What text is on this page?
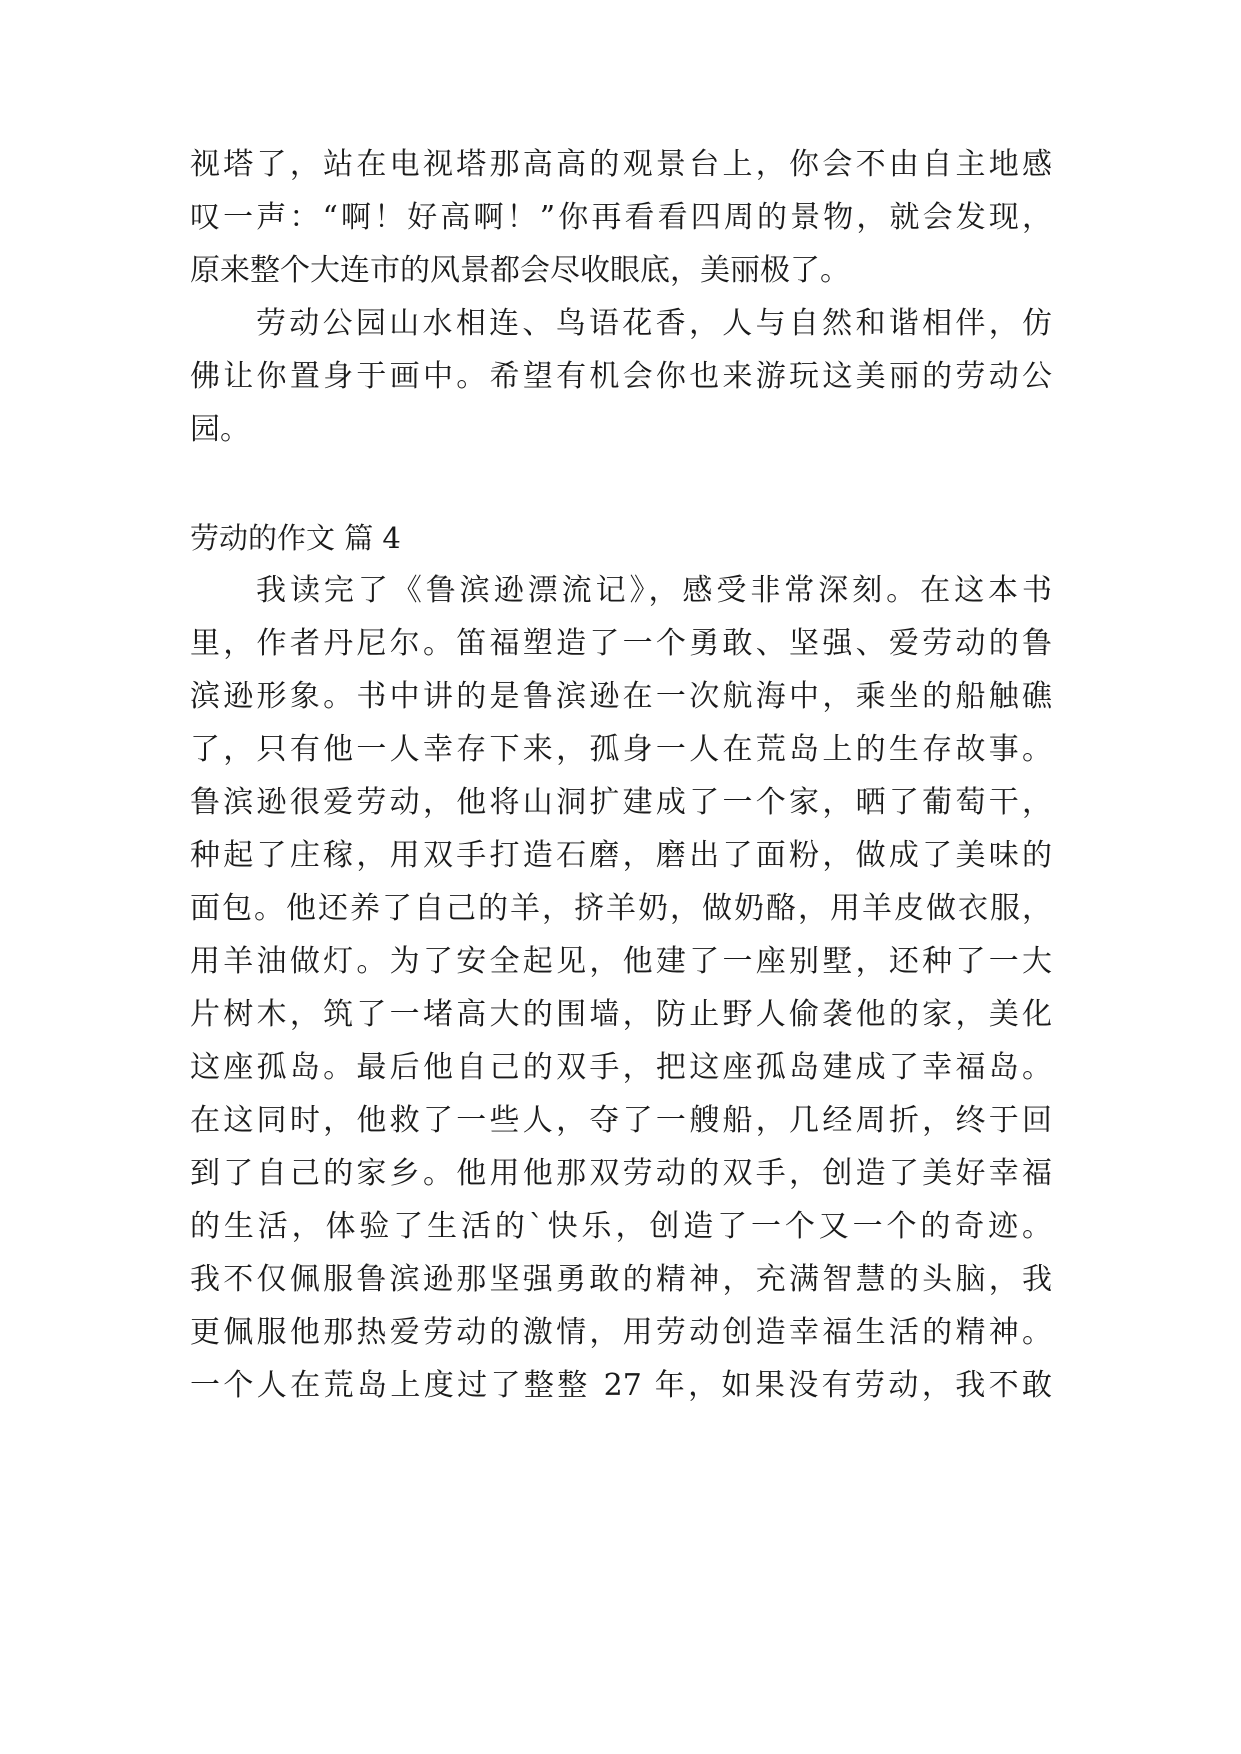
视塔了，站在电视塔那高高的观景台上，你会不由自主地感
叹一声：“啊！好高啊！”你再看看四周的景物，就会发现，
原来整个大连市的风景都会尽收眼底，美丽极了。
劳动公园山水相连、鸟语花香，人与自然和谐相伴，仿
佛让你置身于画中。希望有机会你也来游玩这美丽的劳动公
园。
劳动的作文 篇 4
我读完了《鲁滨逊漂流记》，感受非常深刻。在这本书
里，作者丹尼尔。笛福塑造了一个勇敢、坚强、爱劳动的鲁
滨逊形象。书中讲的是鲁滨逊在一次航海中，乘坐的船触礁
了，只有他一人幸存下来，孤身一人在荒岛上的生存故事。
鲁滨逊很爱劳动，他将山洞扩建成了一个家，晒了葡萄干，
种起了庄稼，用双手打造石磨，磨出了面粉，做成了美味的
面包。他还养了自己的羊，挤羊奶，做奶酪，用羊皮做衣服，
用羊油做灯。为了安全起见，他建了一座别墅，还种了一大
片树木，筑了一堵高大的围墙，防止野人偷袭他的家，美化
这座孤岛。最后他自己的双手，把这座孤岛建成了幸福岛。
在这同时，他救了一些人，夺了一艘船，几经周折，终于回
到了自己的家乡。他用他那双劳动的双手，创造了美好幸福
的生活，体验了生活的`快乐，创造了一个又一个的奇迹。
我不仅佩服鲁滨逊那坚强勇敢的精神，充满智慧的头脑，我
更佩服他那热爱劳动的激情，用劳动创造幸福生活的精神。
一个人在荒岛上度过了整整 27 年，如果没有劳动，我不敢
